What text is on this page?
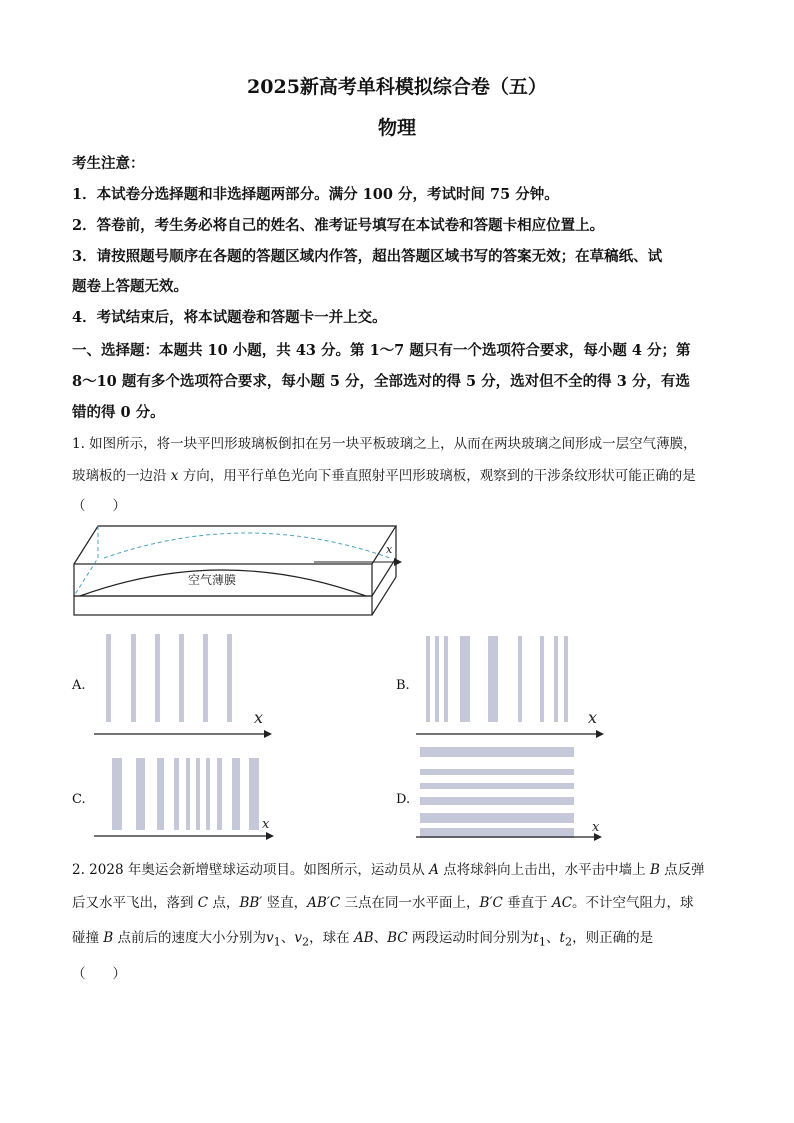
2025新高考单科模拟综合卷（五）
物理
考生注意：
1．本试卷分选择题和非选择题两部分。满分 100 分，考试时间 75 分钟。
2．答卷前，考生务必将自己的姓名、准考证号填写在本试卷和答题卡相应位置上。
3．请按照题号顺序在各题的答题区域内作答，超出答题区域书写的答案无效；在草稿纸、试
题卷上答题无效。
4．考试结束后，将本试题卷和答题卡一并上交。
一、选择题：本题共 10 小题，共 43 分。第 1～7 题只有一个选项符合要求，每小题 4 分；第
8～10 题有多个选项符合要求，每小题 5 分，全部选对的得 5 分，选对但不全的得 3 分，有选
错的得 0 分。
1. 如图所示，将一块平凹形玻璃板倒扣在另一块平板玻璃之上，从而在两块玻璃之间形成一层空气薄膜，
玻璃板的一边沿 x 方向，用平行单色光向下垂直照射平凹形玻璃板，观察到的干涉条纹形状可能正确的是
（　　）
空气薄膜
x
A.
x
B.
x
C.
x
D.
x
2. 2028 年奥运会新增壁球运动项目。如图所示，运动员从 A 点将球斜向上击出，水平击中墙上 B 点反弹
后又水平飞出，落到 C 点，BB′ 竖直，AB′C 三点在同一水平面上，B′C 垂直于 AC。不计空气阻力，球
碰撞 B 点前后的速度大小分别为$v_1$、$v_2$，球在 AB、BC 两段运动时间分别为$t_1$、$t_2$，则正确的是
（　　）
